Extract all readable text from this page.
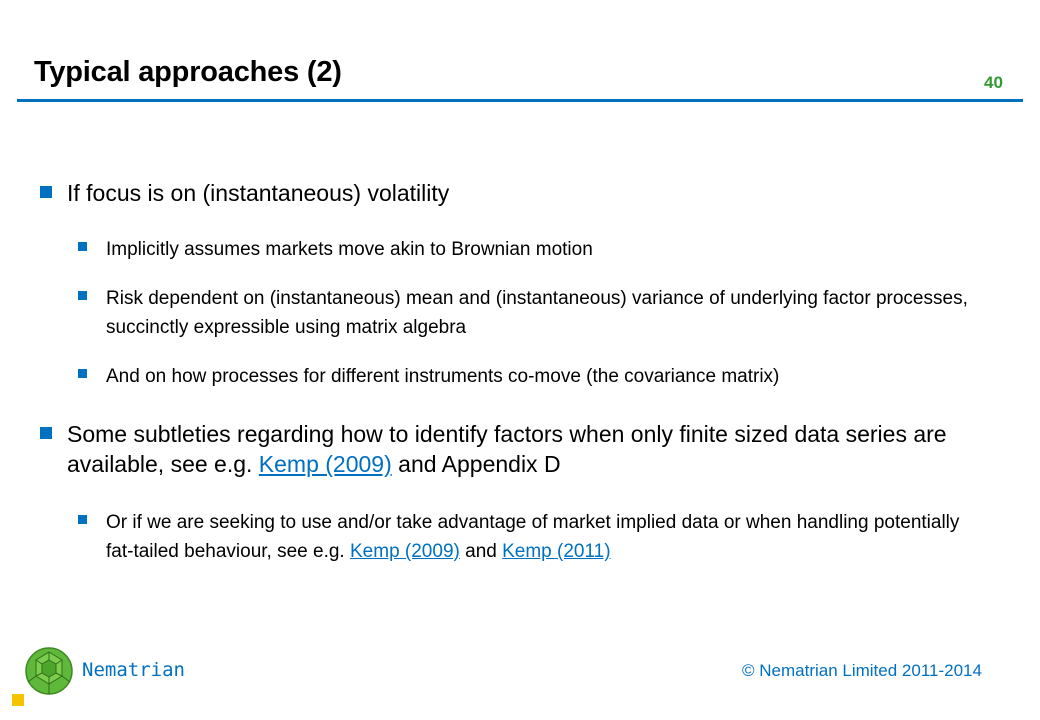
Typical approaches (2)	40
If focus is on (instantaneous) volatility
Implicitly assumes markets move akin to Brownian motion
Risk dependent on (instantaneous) mean and (instantaneous) variance of underlying factor processes, succinctly expressible using matrix algebra
And on how processes for different instruments co-move (the covariance matrix)
Some subtleties regarding how to identify factors when only finite sized data series are available, see e.g. Kemp (2009) and Appendix D
Or if we are seeking to use and/or take advantage of market implied data or when handling potentially fat-tailed behaviour, see e.g. Kemp (2009) and Kemp (2011)
Nematrian	© Nematrian Limited 2011-2014
